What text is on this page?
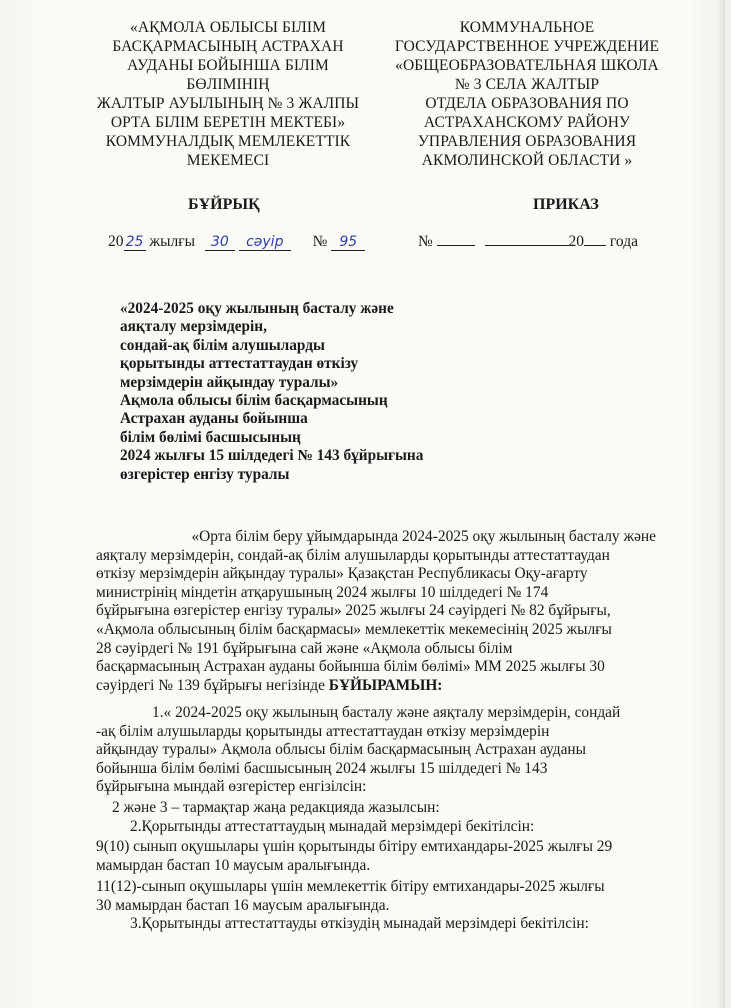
«АҚМОЛА ОБЛЫСЫ БІЛІМ
БАСҚАРМАСЫНЫҢ АСТРАХАН
АУДАНЫ БОЙЫНША БІЛІМ
БӨЛІМІНІҢ
ЖАЛТЫР АУЫЛЫНЫҢ № 3 ЖАЛПЫ
ОРТА БІЛІМ БЕРЕТІН МЕКТЕБІ»
КОММУНАЛДЫҚ МЕМЛЕКЕТТІК
МЕКЕМЕСІ
КОММУНАЛЬНОЕ
ГОСУДАРСТВЕННОЕ УЧРЕЖДЕНИЕ
«ОБЩЕОБРАЗОВАТЕЛЬНАЯ ШКОЛА
№ 3 СЕЛА ЖАЛТЫР
ОТДЕЛА ОБРАЗОВАНИЯ ПО
АСТРАХАНСКОМУ РАЙОНУ
УПРАВЛЕНИЯ ОБРАЗОВАНИЯ
АКМОЛИНСКОЙ ОБЛАСТИ »
БҰЙРЫҚ	ПРИКАЗ
20 25 жылғы 30 сәуір № 95	№	20 года
«2024-2025 оқу жылының басталу және
аяқталу мерзімдерін,
сондай-ақ білім алушыларды
қорытынды аттестаттаудан өткізу
мерзімдерін айқындау туралы»
Ақмола облысы білім басқармасының
Астрахан ауданы бойынша
білім бөлімі басшысының
2024 жылғы 15 шілдедегі № 143 бұйрығына
өзгерістер енгізу туралы
«Орта білім беру ұйымдарында 2024-2025 оқу жылының басталу және
аяқталу мерзімдерін, сондай-ақ білім алушыларды қорытынды аттестаттаудан
өткізу мерзімдерін айқындау туралы» Қазақстан Республикасы Оқу-ағарту
министрінің міндетін атқарушының 2024 жылғы 10 шілдедегі № 174
бұйрығына өзгерістер енгізу туралы» 2025 жылғы 24 сәуірдегі № 82 бұйрығы,
«Ақмола облысының білім басқармасы» мемлекеттік мекемесінің 2025 жылғы
28 сәуірдегі № 191 бұйрығына сай және «Ақмола облысы білім
басқармасының Астрахан ауданы бойынша білім бөлімі» ММ 2025 жылғы 30
сәуірдегі № 139 бұйрығы негізінде БҰЙЫРАМЫН:
1.« 2024-2025 оқу жылының басталу және аяқталу мерзімдерін, сондай
-ақ білім алушыларды қорытынды аттестаттаудан өткізу мерзімдерін
айқындау туралы» Ақмола облысы білім басқармасының Астрахан ауданы
бойынша білім бөлімі басшысының 2024 жылғы 15 шілдедегі № 143
бұйрығына мындай өзгерістер енгізілсін:
2 және 3 – тармақтар жаңа редакцияда жазылсын:
2.Қорытынды аттестаттаудың мынадай мерзімдері бекітілсін:
9(10) сынып оқушылары үшін қорытынды бітіру емтихандары-2025 жылғы 29
мамырдан бастап 10 маусым аралығында.
11(12)-сынып оқушылары үшін мемлекеттік бітіру емтихандары-2025 жылғы
30 мамырдан бастап 16 маусым аралығында.
3.Қорытынды аттестаттауды өткізудің мынадай мерзімдері бекітілсін:
